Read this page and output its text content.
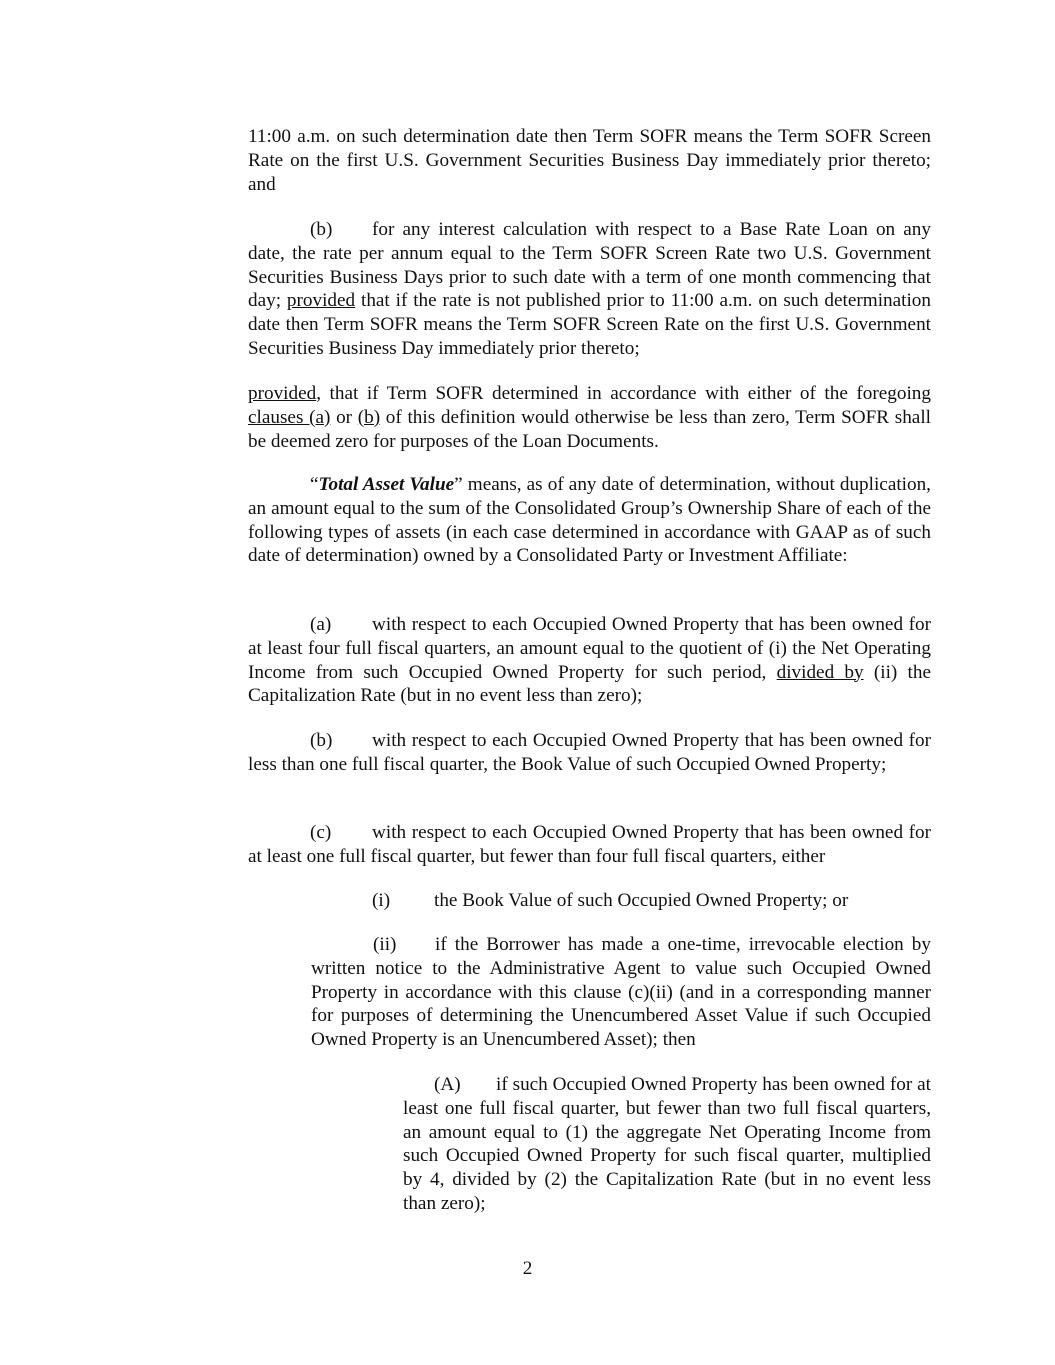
11:00 a.m. on such determination date then Term SOFR means the Term SOFR Screen Rate on the first U.S. Government Securities Business Day immediately prior thereto; and

(b) for any interest calculation with respect to a Base Rate Loan on any date, the rate per annum equal to the Term SOFR Screen Rate two U.S. Government Securities Business Days prior to such date with a term of one month commencing that day; provided that if the rate is not published prior to 11:00 a.m. on such determination date then Term SOFR means the Term SOFR Screen Rate on the first U.S. Government Securities Business Day immediately prior thereto;

provided, that if Term SOFR determined in accordance with either of the foregoing clauses (a) or (b) of this definition would otherwise be less than zero, Term SOFR shall be deemed zero for purposes of the Loan Documents.

“Total Asset Value” means, as of any date of determination, without duplication, an amount equal to the sum of the Consolidated Group’s Ownership Share of each of the following types of assets (in each case determined in accordance with GAAP as of such date of determination) owned by a Consolidated Party or Investment Affiliate:

(a) with respect to each Occupied Owned Property that has been owned for at least four full fiscal quarters, an amount equal to the quotient of (i) the Net Operating Income from such Occupied Owned Property for such period, divided by (ii) the Capitalization Rate (but in no event less than zero);

(b) with respect to each Occupied Owned Property that has been owned for less than one full fiscal quarter, the Book Value of such Occupied Owned Property;

(c) with respect to each Occupied Owned Property that has been owned for at least one full fiscal quarter, but fewer than four full fiscal quarters, either

(i) the Book Value of such Occupied Owned Property; or

(ii) if the Borrower has made a one-time, irrevocable election by written notice to the Administrative Agent to value such Occupied Owned Property in accordance with this clause (c)(ii) (and in a corresponding manner for purposes of determining the Unencumbered Asset Value if such Occupied Owned Property is an Unencumbered Asset); then

(A) if such Occupied Owned Property has been owned for at least one full fiscal quarter, but fewer than two full fiscal quarters, an amount equal to (1) the aggregate Net Operating Income from such Occupied Owned Property for such fiscal quarter, multiplied by 4, divided by (2) the Capitalization Rate (but in no event less than zero);

2
